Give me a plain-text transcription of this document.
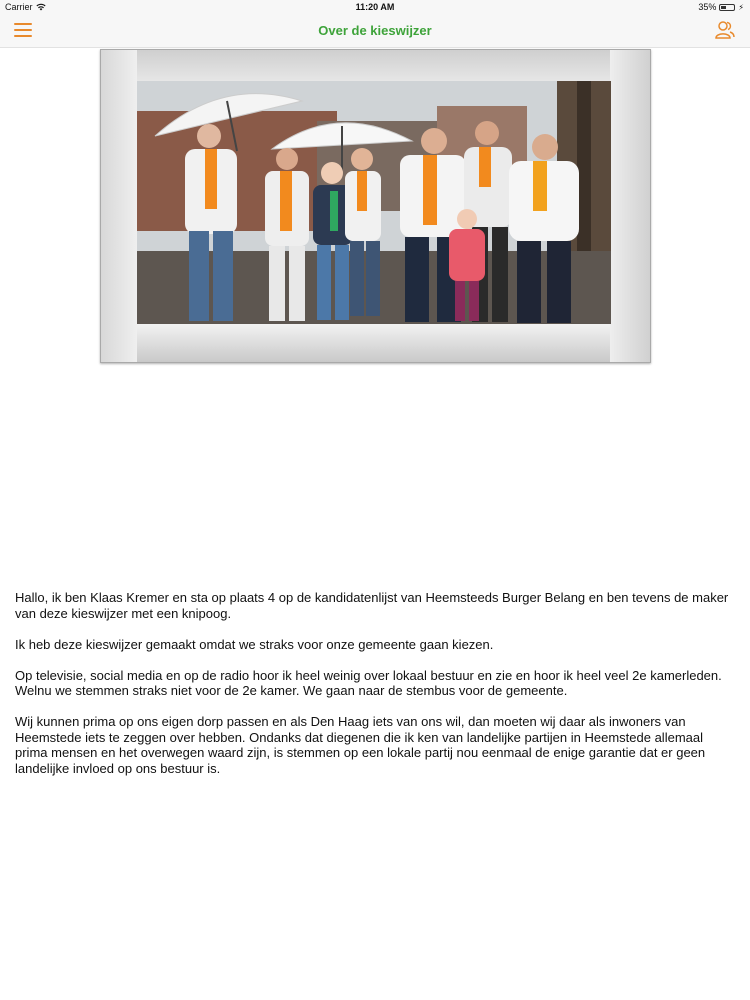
Carrier	11:20 AM	35%	⚡
Over de kieswijzer

Hallo, ik ben Klaas Kremer en sta op plaats 4 op de kandidatenlijst van Heemsteeds Burger Belang en ben tevens de maker van deze kieswijzer met een knipoog.

Ik heb deze kieswijzer gemaakt omdat we straks voor onze gemeente gaan kiezen.

Op televisie, social media en op de radio hoor ik heel weinig over lokaal bestuur en zie en hoor ik heel veel 2e kamerleden. Welnu we stemmen straks niet voor de 2e kamer. We gaan naar de stembus voor de gemeente.

Wij kunnen prima op ons eigen dorp passen en als Den Haag iets van ons wil, dan moeten wij daar als inwoners van Heemstede iets te zeggen over hebben. Ondanks dat diegenen die ik ken van landelijke partijen in Heemstede allemaal prima mensen en het overwegen waard zijn, is stemmen op een lokale partij nou eenmaal de enige garantie dat er geen landelijke invloed op ons bestuur is.
